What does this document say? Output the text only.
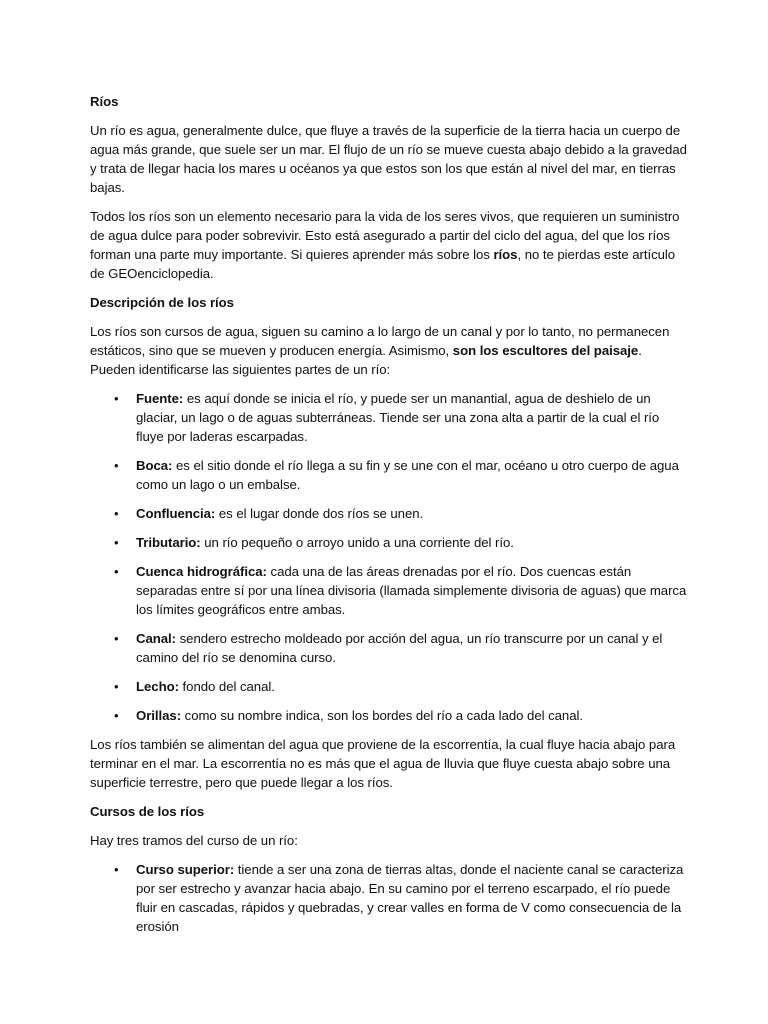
Ríos

Un río es agua, generalmente dulce, que fluye a través de la superficie de la tierra hacia un cuerpo de agua más grande, que suele ser un mar. El flujo de un río se mueve cuesta abajo debido a la gravedad y trata de llegar hacia los mares u océanos ya que estos son los que están al nivel del mar, en tierras bajas.

Todos los ríos son un elemento necesario para la vida de los seres vivos, que requieren un suministro de agua dulce para poder sobrevivir. Esto está asegurado a partir del ciclo del agua, del que los ríos forman una parte muy importante. Si quieres aprender más sobre los ríos, no te pierdas este artículo de GEOenciclopedia.

Descripción de los ríos

Los ríos son cursos de agua, siguen su camino a lo largo de un canal y por lo tanto, no permanecen estáticos, sino que se mueven y producen energía. Asimismo, son los escultores del paisaje. Pueden identificarse las siguientes partes de un río:

• Fuente: es aquí donde se inicia el río, y puede ser un manantial, agua de deshielo de un glaciar, un lago o de aguas subterráneas. Tiende ser una zona alta a partir de la cual el río fluye por laderas escarpadas.
• Boca: es el sitio donde el río llega a su fin y se une con el mar, océano u otro cuerpo de agua como un lago o un embalse.
• Confluencia: es el lugar donde dos ríos se unen.
• Tributario: un río pequeño o arroyo unido a una corriente del río.
• Cuenca hidrográfica: cada una de las áreas drenadas por el río. Dos cuencas están separadas entre sí por una línea divisoria (llamada simplemente divisoria de aguas) que marca los límites geográficos entre ambas.
• Canal: sendero estrecho moldeado por acción del agua, un río transcurre por un canal y el camino del río se denomina curso.
• Lecho: fondo del canal.
• Orillas: como su nombre indica, son los bordes del río a cada lado del canal.

Los ríos también se alimentan del agua que proviene de la escorrentía, la cual fluye hacia abajo para terminar en el mar. La escorrentía no es más que el agua de lluvia que fluye cuesta abajo sobre una superficie terrestre, pero que puede llegar a los ríos.

Cursos de los ríos

Hay tres tramos del curso de un río:

• Curso superior: tiende a ser una zona de tierras altas, donde el naciente canal se caracteriza por ser estrecho y avanzar hacia abajo. En su camino por el terreno escarpado, el río puede fluir en cascadas, rápidos y quebradas, y crear valles en forma de V como consecuencia de la erosión
